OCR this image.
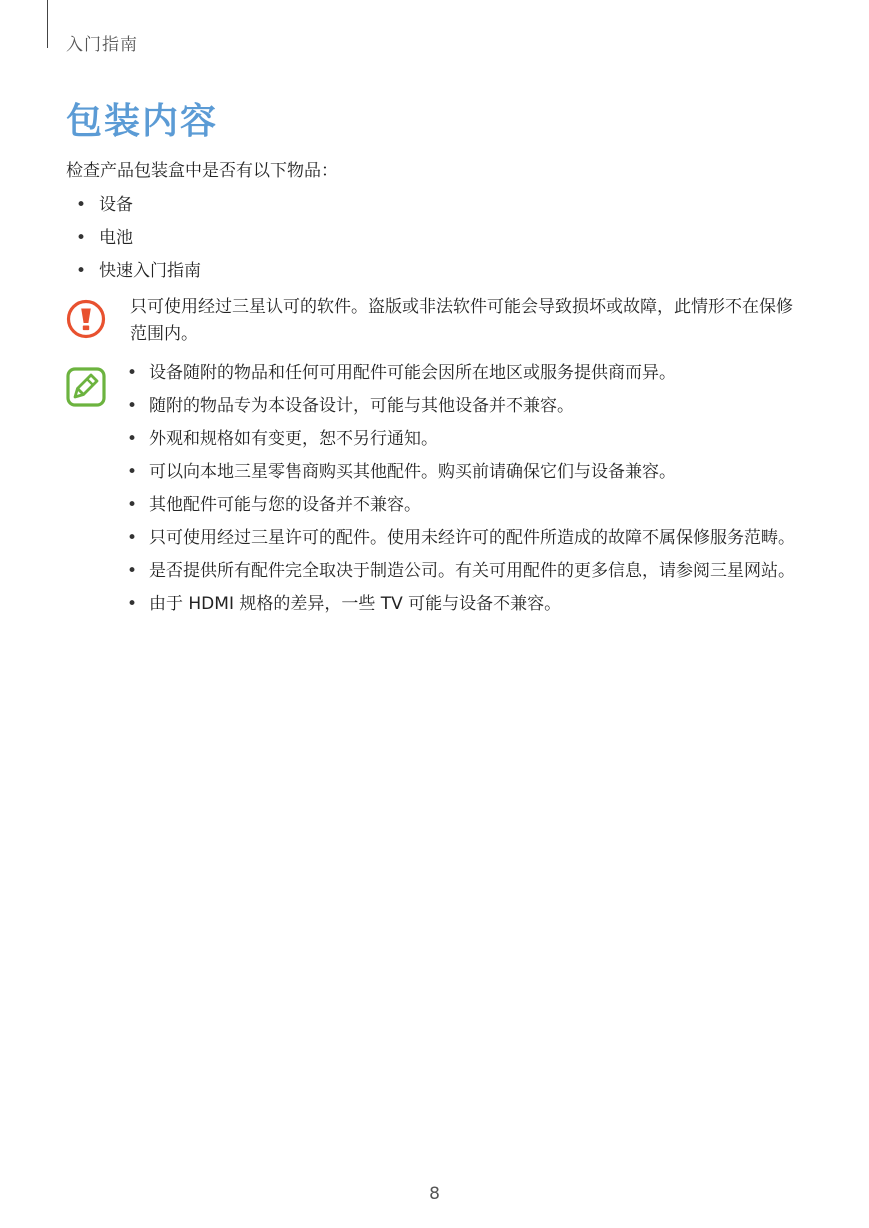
入门指南
包装内容

检查产品包装盒中是否有以下物品：

• 设备
• 电池
• 快速入门指南

只可使用经过三星认可的软件。盗版或非法软件可能会导致损坏或故障，此情形不在保修范围内。

• 设备随附的物品和任何可用配件可能会因所在地区或服务提供商而异。
• 随附的物品专为本设备设计，可能与其他设备并不兼容。
• 外观和规格如有变更，恕不另行通知。
• 可以向本地三星零售商购买其他配件。购买前请确保它们与设备兼容。
• 其他配件可能与您的设备并不兼容。
• 只可使用经过三星许可的配件。使用未经许可的配件所造成的故障不属保修服务范畴。
• 是否提供所有配件完全取决于制造公司。有关可用配件的更多信息，请参阅三星网站。
• 由于 HDMI 规格的差异，一些 TV 可能与设备不兼容。
8
